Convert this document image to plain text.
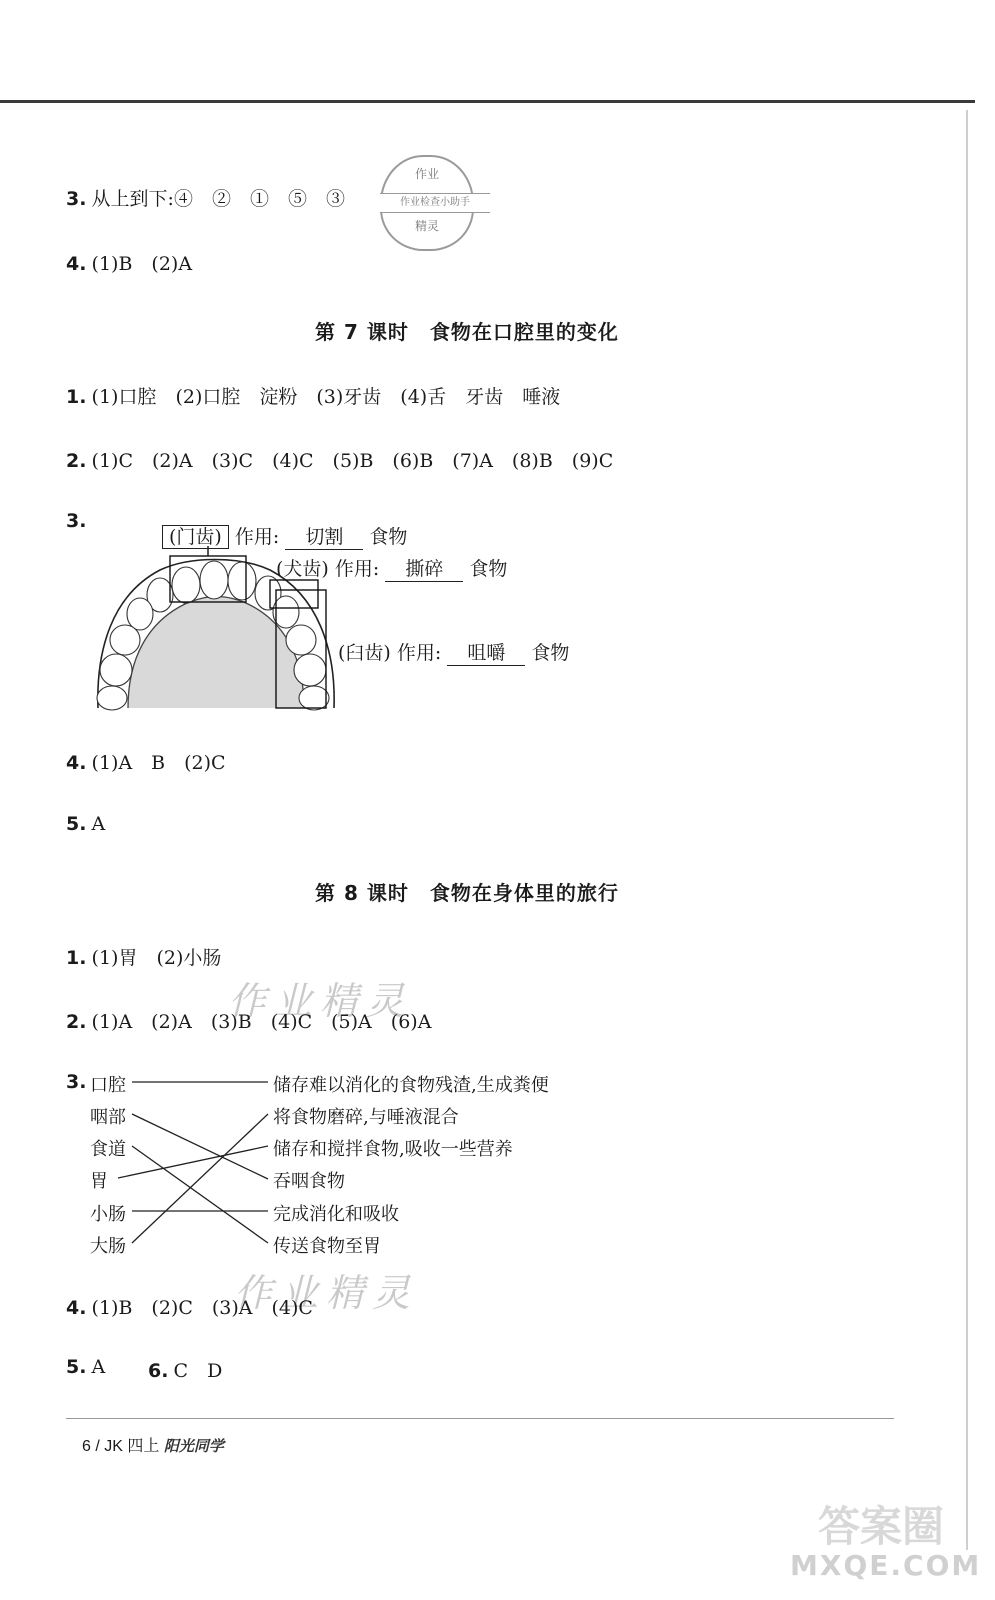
3. 从上到下:④　②　①　⑤　③
作业
作业检查小助手
精灵
4. (1)B　(2)A
第 7 课时　食物在口腔里的变化
1. (1)口腔　(2)口腔　淀粉　(3)牙齿　(4)舌　牙齿　唾液
2. (1)C　(2)A　(3)C　(4)C　(5)B　(6)B　(7)A　(8)B　(9)C
3.
(门齿) 作用: 切割 食物
(犬齿) 作用: 撕碎 食物
(臼齿) 作用: 咀嚼 食物
4. (1)A　B　(2)C
5. A
第 8 课时　食物在身体里的旅行
1. (1)胃　(2)小肠
作业精灵
2. (1)A　(2)A　(3)B　(4)C　(5)A　(6)A
3. 口腔
咽部
食道
胃
小肠
大肠
储存难以消化的食物残渣,生成粪便
将食物磨碎,与唾液混合
储存和搅拌食物,吸收一些营养
吞咽食物
完成消化和吸收
传送食物至胃
作业精灵
4. (1)B　(2)C　(3)A　(4)C
5. A 6. C　D
6 / JK 四上 阳光同学
答案圈
MXQE.COM
